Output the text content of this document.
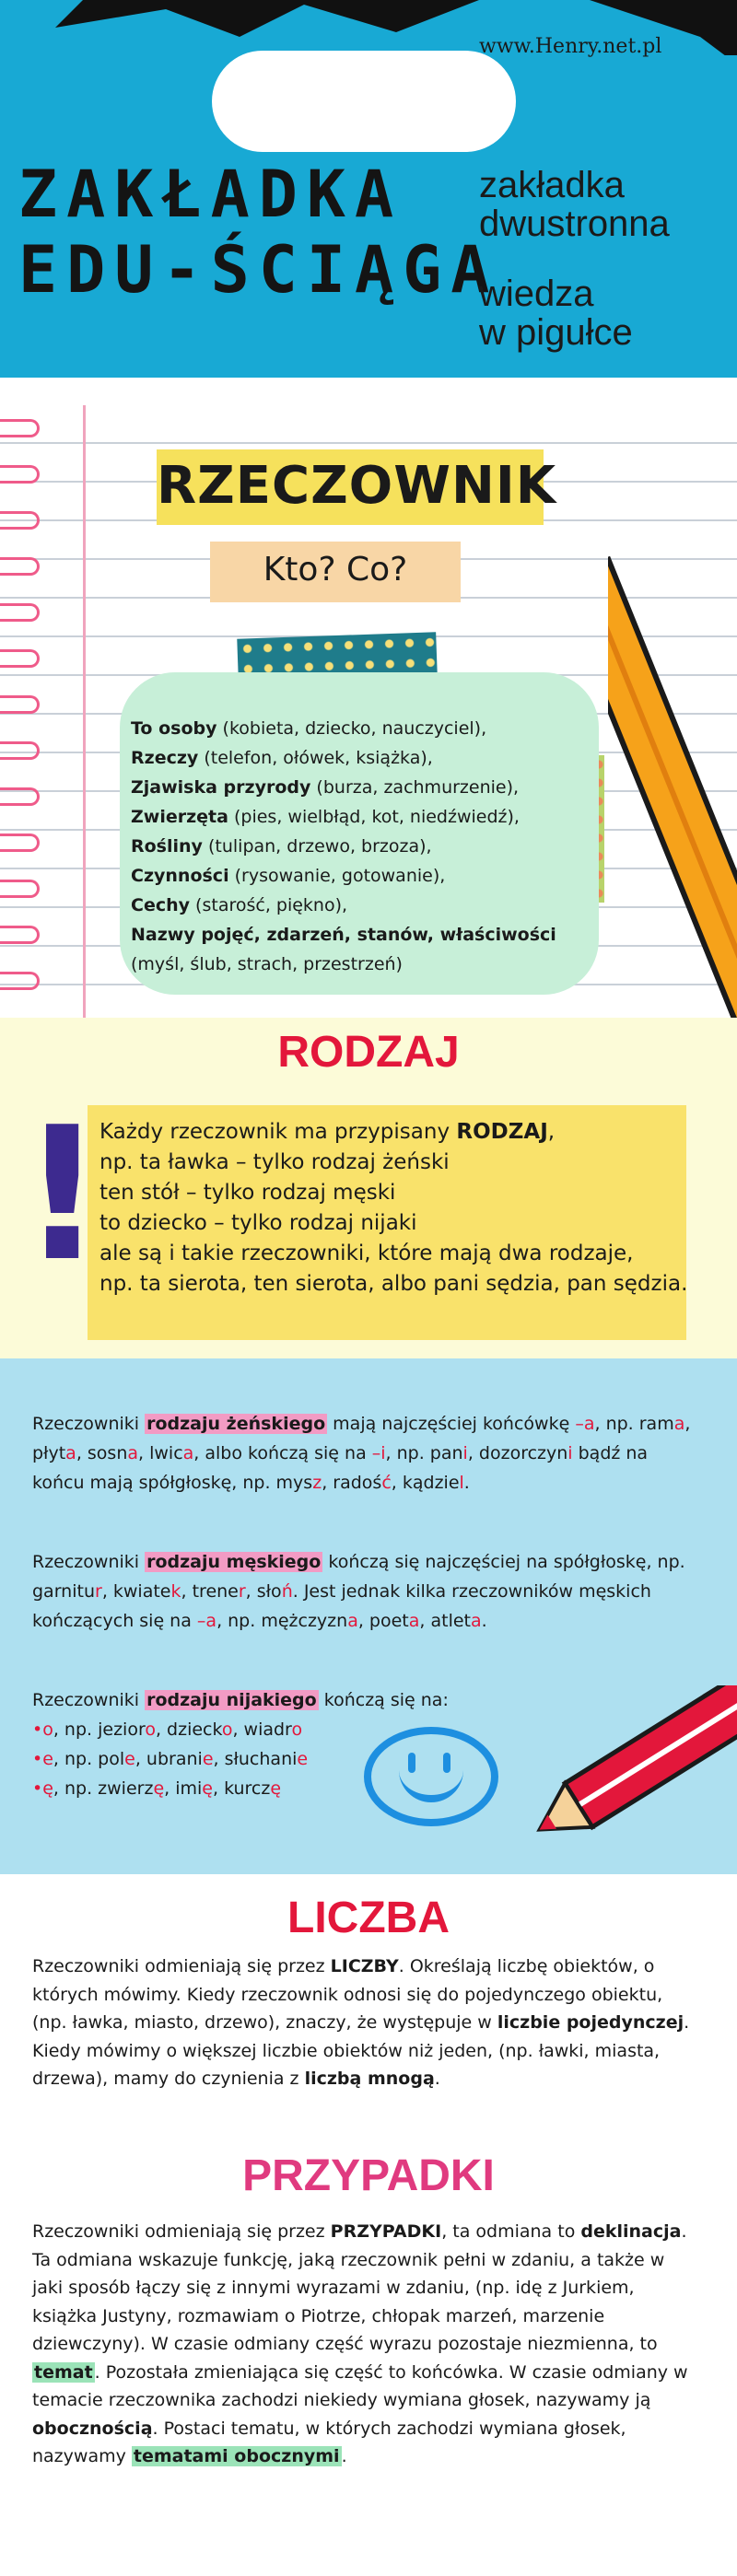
www.Henry.net.pl
ZAKŁADKA
EDU-ŚCIĄGA
zakładka
dwustronna
wiedza
w pigułce
RZECZOWNIK
Kto? Co?
To osoby (kobieta, dziecko, nauczyciel),
Rzeczy (telefon, ołówek, książka),
Zjawiska przyrody (burza, zachmurzenie),
Zwierzęta (pies, wielbłąd, kot, niedźwiedź),
Rośliny (tulipan, drzewo, brzoza),
Czynności (rysowanie, gotowanie),
Cechy (starość, piękno),
Nazwy pojęć, zdarzeń, stanów, właściwości
(myśl, ślub, strach, przestrzeń)
RODZAJ
!
Każdy rzeczownik ma przypisany RODZAJ,
np. ta ławka – tylko rodzaj żeński
ten stół – tylko rodzaj męski
to dziecko – tylko rodzaj nijaki
ale są i takie rzeczowniki, które mają dwa rodzaje,
np. ta sierota, ten sierota, albo pani sędzia, pan sędzia.
Rzeczowniki rodzaju żeńskiego mają najczęściej końcówkę –a, np. rama,
płyta, sosna, lwica, albo kończą się na –i, np. pani, dozorczyni bądź na
końcu mają spółgłoskę, np. mysz, radość, kądziel.
Rzeczowniki rodzaju męskiego kończą się najczęściej na spółgłoskę, np.
garnitur, kwiatek, trener, słoń. Jest jednak kilka rzeczowników męskich
kończących się na –a, np. mężczyzna, poeta, atleta.
Rzeczowniki rodzaju nijakiego kończą się na:
•o, np. jezioro, dziecko, wiadro
•e, np. pole, ubranie, słuchanie
•ę, np. zwierzę, imię, kurczę
LICZBA
Rzeczowniki odmieniają się przez LICZBY. Określają liczbę obiektów, o
których mówimy. Kiedy rzeczownik odnosi się do pojedynczego obiektu,
(np. ławka, miasto, drzewo), znaczy, że występuje w liczbie pojedynczej.
Kiedy mówimy o większej liczbie obiektów niż jeden, (np. ławki, miasta,
drzewa), mamy do czynienia z liczbą mnogą.
PRZYPADKI
Rzeczowniki odmieniają się przez PRZYPADKI, ta odmiana to deklinacja.
Ta odmiana wskazuje funkcję, jaką rzeczownik pełni w zdaniu, a także w
jaki sposób łączy się z innymi wyrazami w zdaniu, (np. idę z Jurkiem,
książka Justyny, rozmawiam o Piotrze, chłopak marzeń, marzenie
dziewczyny). W czasie odmiany część wyrazu pozostaje niezmienna, to
temat . Pozostała zmieniająca się część to końcówka. W czasie odmiany w
temacie rzeczownika zachodzi niekiedy wymiana głosek, nazywamy ją
obocznością. Postaci tematu, w których zachodzi wymiana głosek,
nazywamy tematami obocznymi .
